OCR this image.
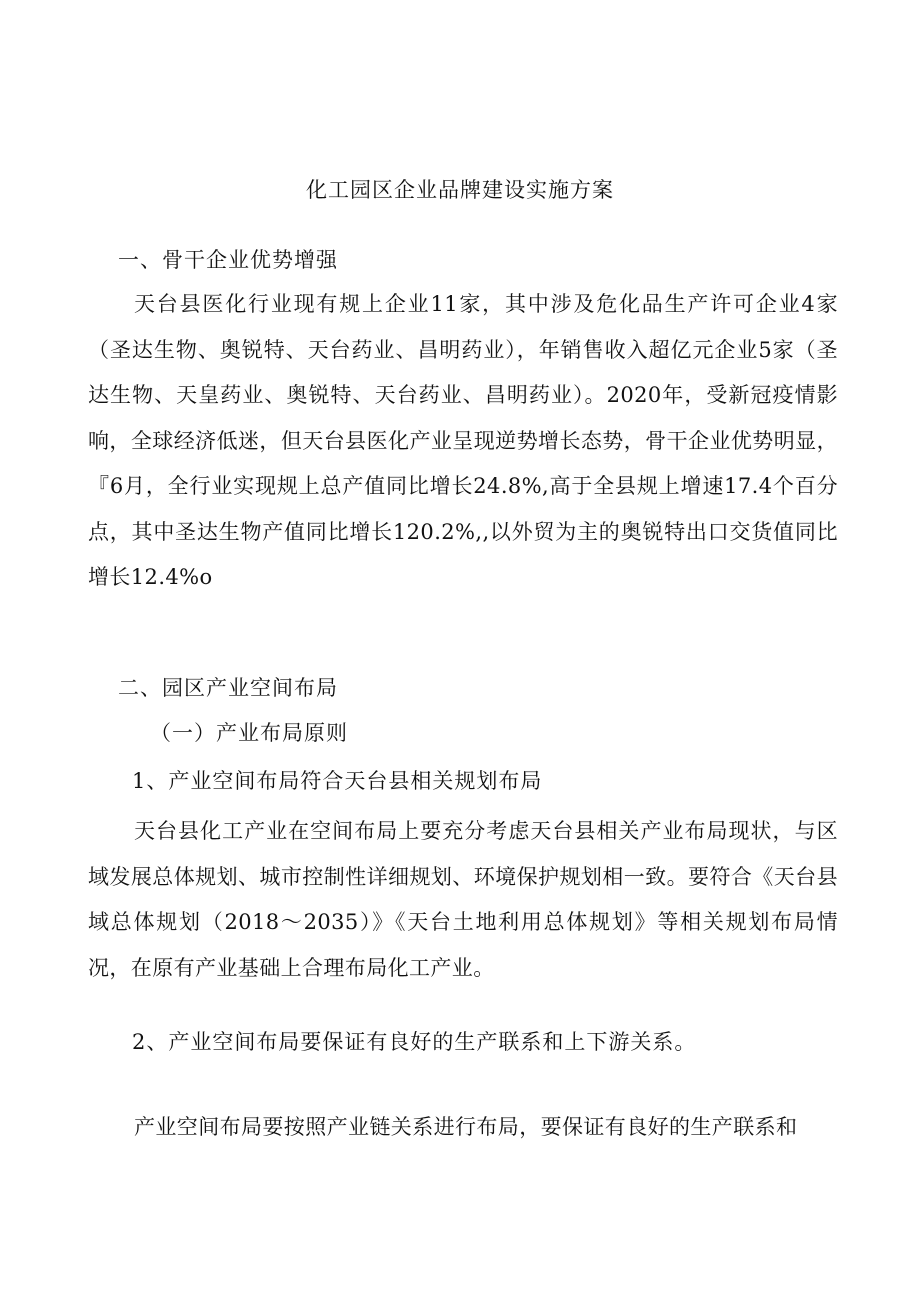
化工园区企业品牌建设实施方案
一、骨干企业优势增强

天台县医化行业现有规上企业11家，其中涉及危化品生产许可企业4家（圣达生物、奥锐特、天台药业、昌明药业），年销售收入超亿元企业5家（圣达生物、天皇药业、奥锐特、天台药业、昌明药业）。2020年，受新冠疫情影响，全球经济低迷，但天台县医化产业呈现逆势增长态势，骨干企业优势明显，『6月，全行业实现规上总产值同比增长24.8%,高于全县规上增速17.4个百分点，其中圣达生物产值同比增长120.2%,,以外贸为主的奥锐特出口交货值同比增长12.4%o

二、园区产业空间布局
（一）产业布局原则
1、产业空间布局符合天台县相关规划布局

天台县化工产业在空间布局上要充分考虑天台县相关产业布局现状，与区域发展总体规划、城市控制性详细规划、环境保护规划相一致。要符合《天台县域总体规划（2018～2035）》《天台土地利用总体规划》等相关规划布局情况，在原有产业基础上合理布局化工产业。

2、产业空间布局要保证有良好的生产联系和上下游关系。

产业空间布局要按照产业链关系进行布局，要保证有良好的生产联系和
